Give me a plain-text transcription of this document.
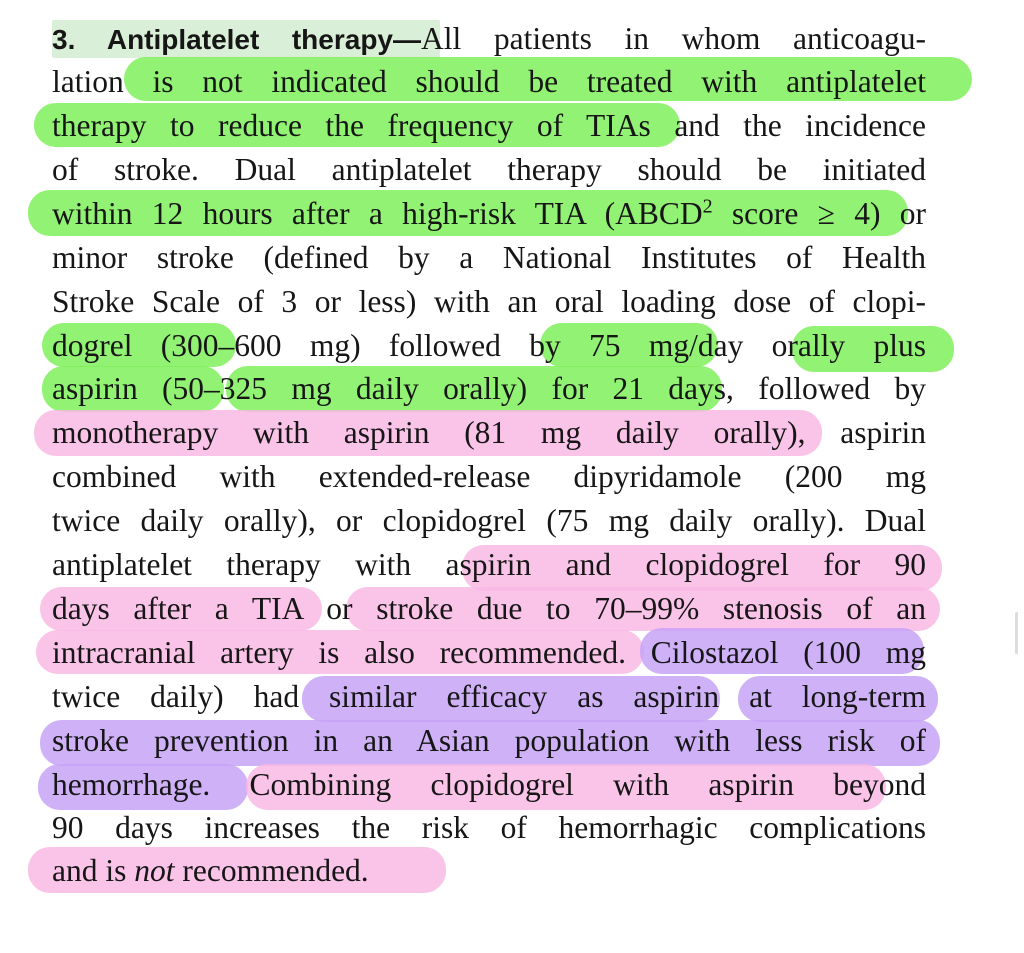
3. Antiplatelet therapy—All patients in whom anticoagu-
lation is not indicated should be treated with antiplatelet
therapy to reduce the frequency of TIAs and the incidence
of stroke. Dual antiplatelet therapy should be initiated
within 12 hours after a high-risk TIA (ABCD$^2$ score ≥ 4) or
minor stroke (defined by a National Institutes of Health
Stroke Scale of 3 or less) with an oral loading dose of clopi-
dogrel (300–600 mg) followed by 75 mg/day orally plus
aspirin (50–325 mg daily orally) for 21 days, followed by
monotherapy with aspirin (81 mg daily orally), aspirin
combined with extended-release dipyridamole (200 mg
twice daily orally), or clopidogrel (75 mg daily orally). Dual
antiplatelet therapy with aspirin and clopidogrel for 90
days after a TIA or stroke due to 70–99% stenosis of an
intracranial artery is also recommended. Cilostazol (100 mg
twice daily) had similar efficacy as aspirin at long-term
stroke prevention in an Asian population with less risk of
hemorrhage. Combining clopidogrel with aspirin beyond
90 days increases the risk of hemorrhagic complications
and is not recommended.
